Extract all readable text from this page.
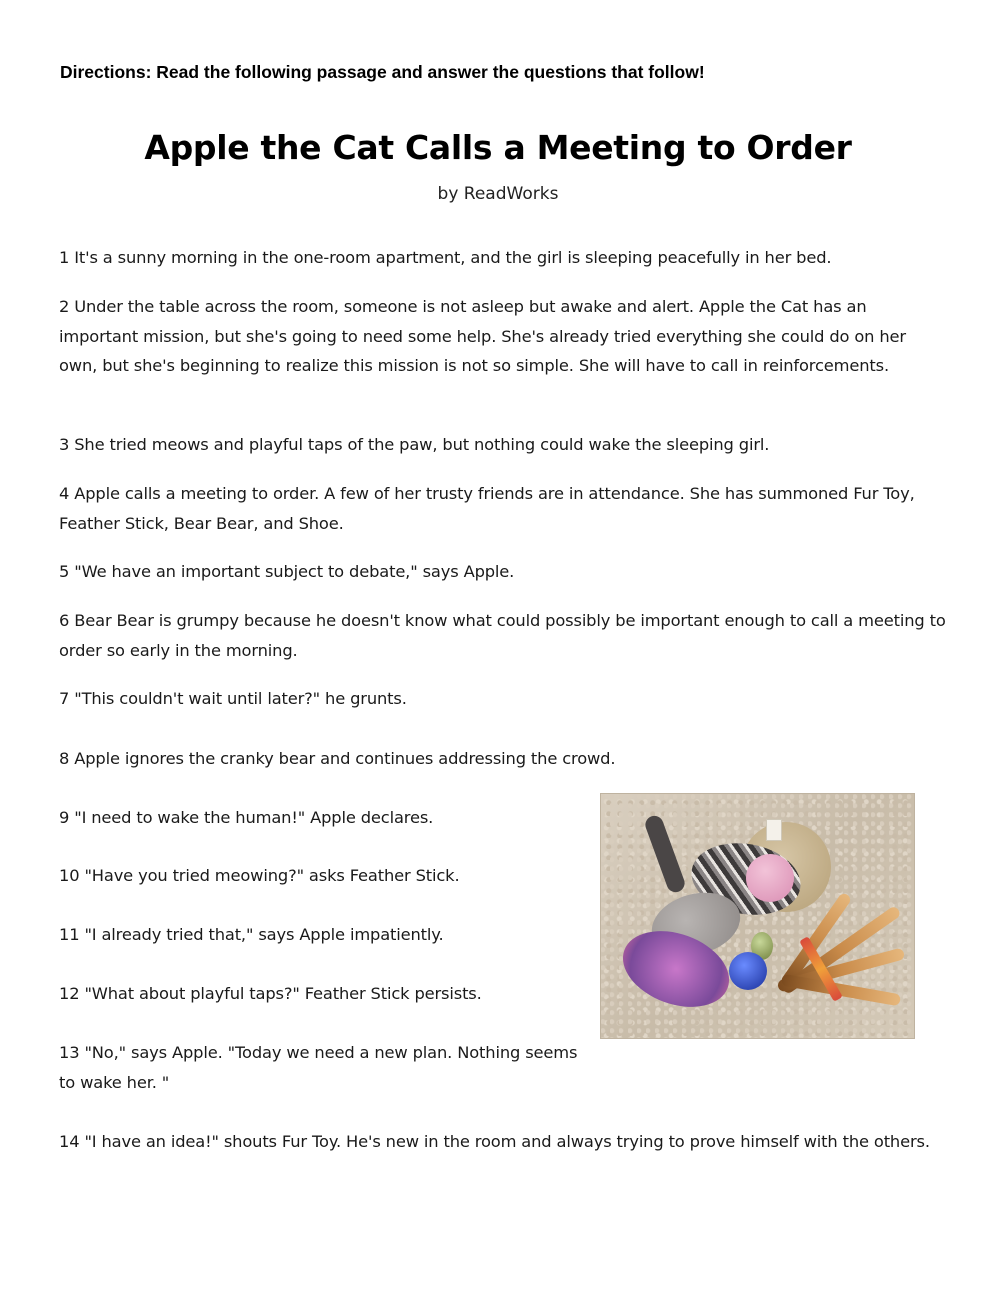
Directions: Read the following passage and answer the questions that follow!
Apple the Cat Calls a Meeting to Order
by ReadWorks

1 It's a sunny morning in the one-room apartment, and the girl is sleeping peacefully in her bed.

2 Under the table across the room, someone is not asleep but awake and alert. Apple the Cat has an important mission, but she's going to need some help. She's already tried everything she could do on her own, but she's beginning to realize this mission is not so simple. She will have to call in reinforcements.

3 She tried meows and playful taps of the paw, but nothing could wake the sleeping girl.

4 Apple calls a meeting to order. A few of her trusty friends are in attendance. She has summoned Fur Toy, Feather Stick, Bear Bear, and Shoe.

5 "We have an important subject to debate," says Apple.

6 Bear Bear is grumpy because he doesn't know what could possibly be important enough to call a meeting to order so early in the morning.

7 "This couldn't wait until later?" he grunts.

8 Apple ignores the cranky bear and continues addressing the crowd.

9 "I need to wake the human!" Apple declares.

10 "Have you tried meowing?" asks Feather Stick.

11 "I already tried that," says Apple impatiently.

12 "What about playful taps?" Feather Stick persists.

13 "No," says Apple. "Today we need a new plan. Nothing seems to wake her. "

14 "I have an idea!" shouts Fur Toy. He's new in the room and always trying to prove himself with the others.
